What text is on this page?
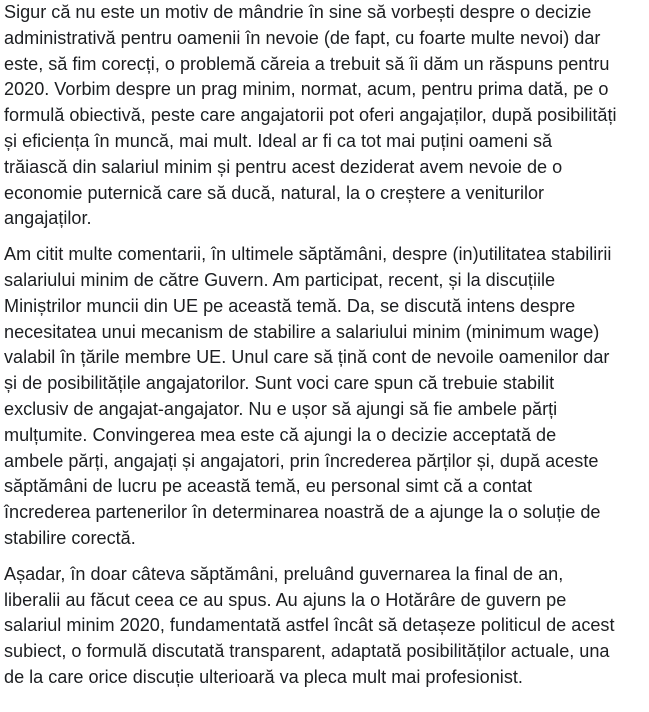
Sigur că nu este un motiv de mândrie în sine să vorbești despre o decizie
administrativă pentru oamenii în nevoie (de fapt, cu foarte multe nevoi) dar
este, să fim corecți, o problemă căreia a trebuit să îi dăm un răspuns pentru
2020. Vorbim despre un prag minim, normat, acum, pentru prima dată, pe o
formulă obiectivă, peste care angajatorii pot oferi angajaților, după posibilități
și eficiența în muncă, mai mult. Ideal ar fi ca tot mai puțini oameni să
trăiască din salariul minim și pentru acest deziderat avem nevoie de o
economie puternică care să ducă, natural, la o creștere a veniturilor
angajaților.

Am citit multe comentarii, în ultimele săptămâni, despre (in)utilitatea stabilirii
salariului minim de către Guvern. Am participat, recent, și la discuțiile
Miniștrilor muncii din UE pe această temă. Da, se discută intens despre
necesitatea unui mecanism de stabilire a salariului minim (minimum wage)
valabil în țările membre UE. Unul care să țină cont de nevoile oamenilor dar
și de posibilitățile angajatorilor. Sunt voci care spun că trebuie stabilit
exclusiv de angajat-angajator. Nu e ușor să ajungi să fie ambele părți
mulțumite. Convingerea mea este că ajungi la o decizie acceptată de
ambele părți, angajați și angajatori, prin încrederea părților și, după aceste
săptămâni de lucru pe această temă, eu personal simt că a contat
încrederea partenerilor în determinarea noastră de a ajunge la o soluție de
stabilire corectă.

Așadar, în doar câteva săptămâni, preluând guvernarea la final de an,
liberalii au făcut ceea ce au spus. Au ajuns la o Hotărâre de guvern pe
salariul minim 2020, fundamentată astfel încât să detașeze politicul de acest
subiect, o formulă discutată transparent, adaptată posibilităților actuale, una
de la care orice discuție ulterioară va pleca mult mai profesionist.
